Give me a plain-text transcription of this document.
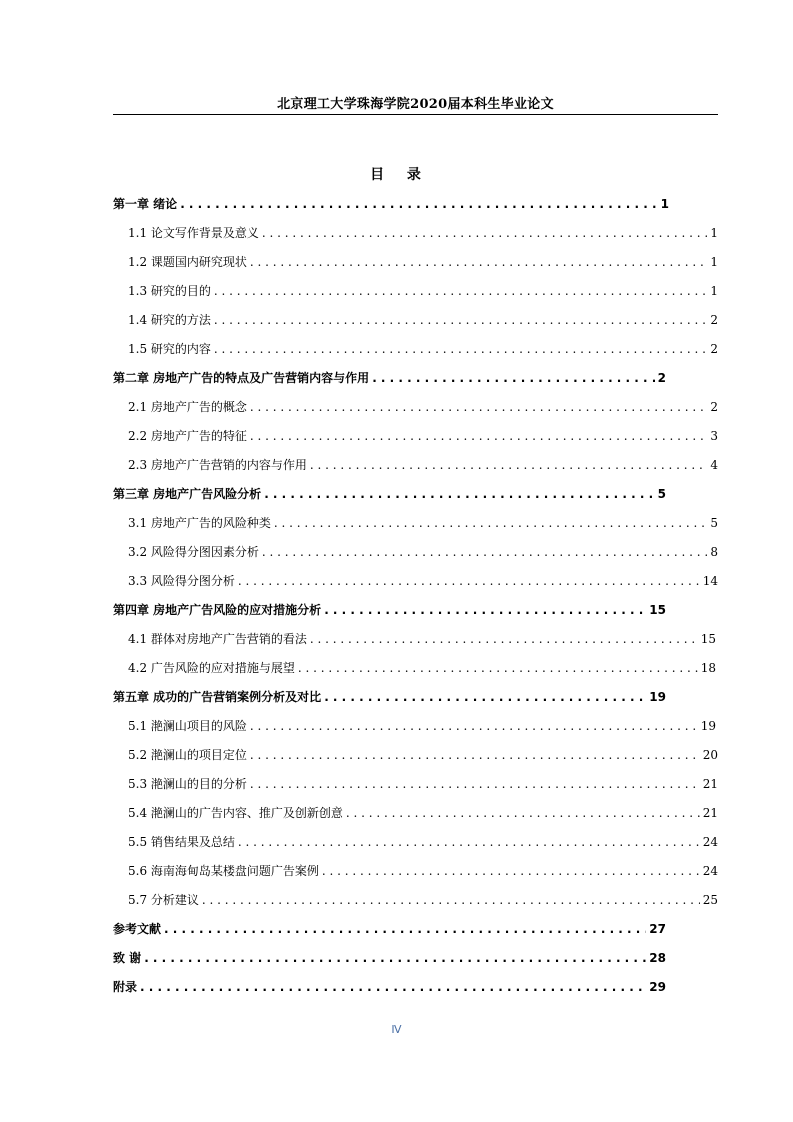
北京理工大学珠海学院2020届本科生毕业论文
目 录
第一章 绪论 . . .	1
1.1 论文写作背景及意义 . . .	1
1.2 课题国内研究现状 . . .	1
1.3 研究的目的 . . .	1
1.4 研究的方法 . . .	2
1.5 研究的内容 . . .	2
第二章 房地产广告的特点及广告营销内容与作用 . . .	2
2.1 房地产广告的概念 . . .	2
2.2 房地产广告的特征 . . .	3
2.3 房地产广告营销的内容与作用 . . .	4
第三章 房地产广告风险分析 . . .	5
3.1 房地产广告的风险种类 . . .	5
3.2 风险得分图因素分析 . . .	8
3.3 风险得分图分析 . . .	14
第四章 房地产广告风险的应对措施分析 . . .	15
4.1 群体对房地产广告营销的看法 . . .	15
4.2 广告风险的应对措施与展望 . . .	18
第五章 成功的广告营销案例分析及对比 . . .	19
5.1 滟澜山项目的风险 . . .	19
5.2 滟澜山的项目定位 . . .	20
5.3 滟澜山的目的分析 . . .	21
5.4 滟澜山的广告内容、推广及创新创意 . . .	21
5.5 销售结果及总结 . . .	24
5.6 海南海甸岛某楼盘问题广告案例 . . .	24
5.7 分析建议 . . .	25
参考文献 . . .	27
致 谢 . . .	28
附录 . . .	29
Ⅳ
